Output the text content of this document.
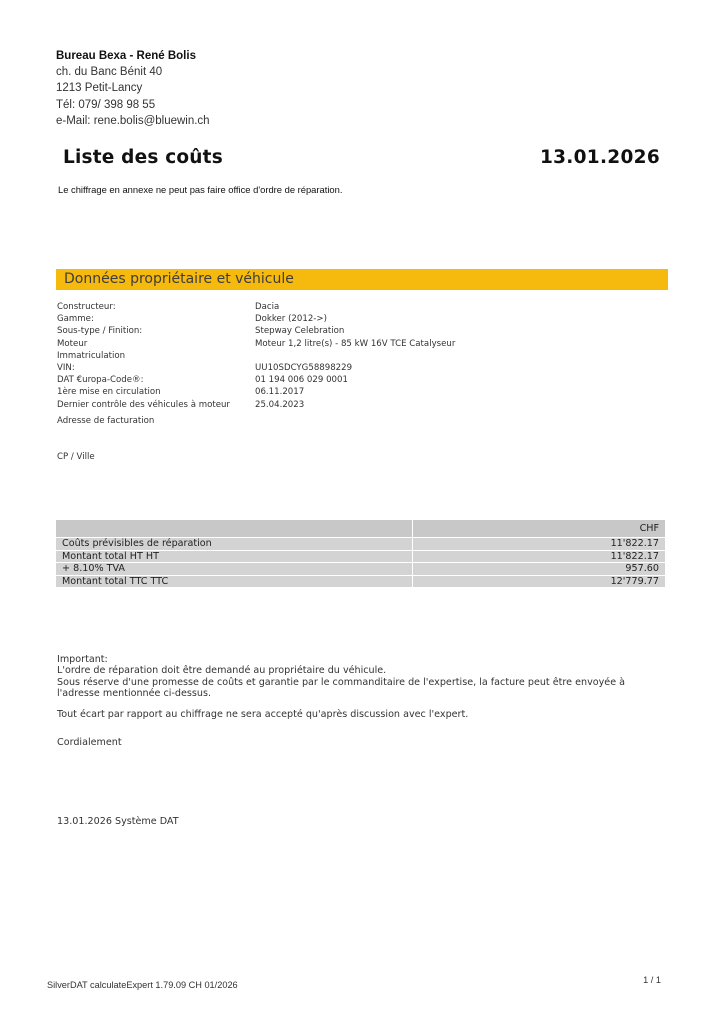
Bureau Bexa - René Bolis
ch. du Banc Bénit 40
1213 Petit-Lancy
Tél: 079/ 398 98 55
e-Mail: rene.bolis@bluewin.ch
Liste des coûts	13.01.2026
Le chiffrage en annexe ne peut pas faire office d'ordre de réparation.
Données propriétaire et véhicule
Constructeur:	Dacia
Gamme:	Dokker (2012->)
Sous-type / Finition:	Stepway Celebration
Moteur	Moteur 1,2 litre(s) - 85 kW 16V TCE Catalyseur
Immatriculation
VIN:	UU10SDCYG58898229
DAT €uropa-Code®:	01 194 006 029 0001
1ère mise en circulation	06.11.2017
Dernier contrôle des véhicules à moteur	25.04.2023
Adresse de facturation
CP / Ville
CHF
Coûts prévisibles de réparation	11'822.17
Montant total HT HT	11'822.17
+ 8.10% TVA	957.60
Montant total TTC TTC	12'779.77
Important:
L'ordre de réparation doit être demandé au propriétaire du véhicule.
Sous réserve d'une promesse de coûts et garantie par le commanditaire de l'expertise, la facture peut être envoyée à
l'adresse mentionnée ci-dessus.
Tout écart par rapport au chiffrage ne sera accepté qu'après discussion avec l'expert.
Cordialement
13.01.2026 Système DAT
SilverDAT calculateExpert 1.79.09 CH 01/2026	1 / 1
